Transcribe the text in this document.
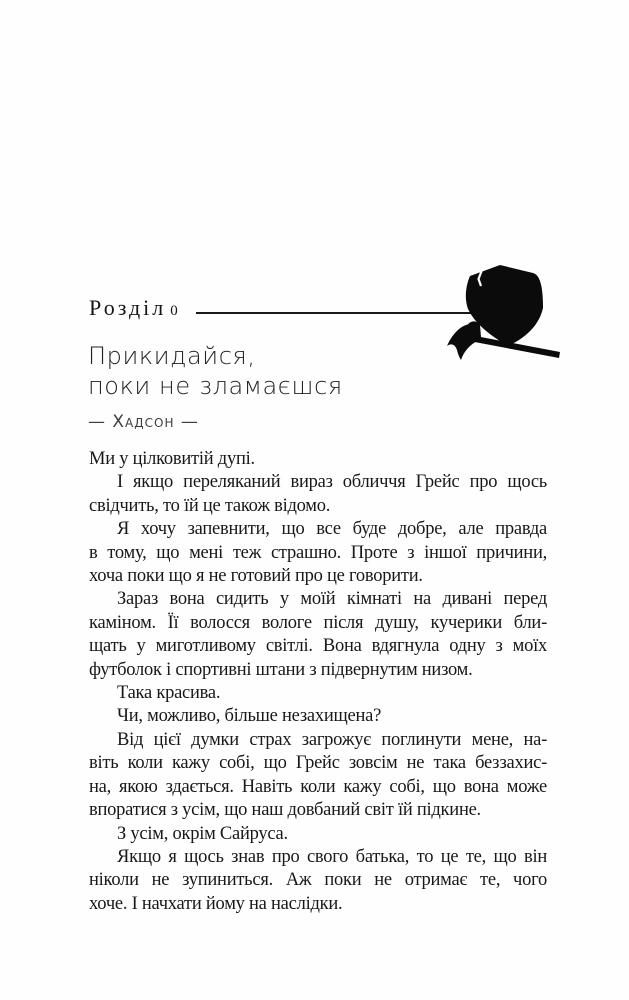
Розділ 0
Прикидайся,
поки не зламаєшся
— Хадсон —
Ми у цілковитій дупі.
І якщо переляканий вираз обличчя Грейс про щось
свідчить, то їй це також відомо.
Я хочу запевнити, що все буде добре, але правда
в тому, що мені теж страшно. Проте з іншої причини,
хоча поки що я не готовий про це говорити.
Зараз вона сидить у моїй кімнаті на дивані перед
каміном. Її волосся вологе після душу, кучерики бли-
щать у миготливому світлі. Вона вдягнула одну з моїх
футболок і спортивні штани з підвернутим низом.
Така красива.
Чи, можливо, більше незахищена?
Від цієї думки страх загрожує поглинути мене, на-
віть коли кажу собі, що Грейс зовсім не така беззахис-
на, якою здається. Навіть коли кажу собі, що вона може
впоратися з усім, що наш довбаний світ їй підкине.
З усім, окрім Сайруса.
Якщо я щось знав про свого батька, то це те, що він
ніколи не зупиниться. Аж поки не отримає те, чого
хоче. І начхати йому на наслідки.
